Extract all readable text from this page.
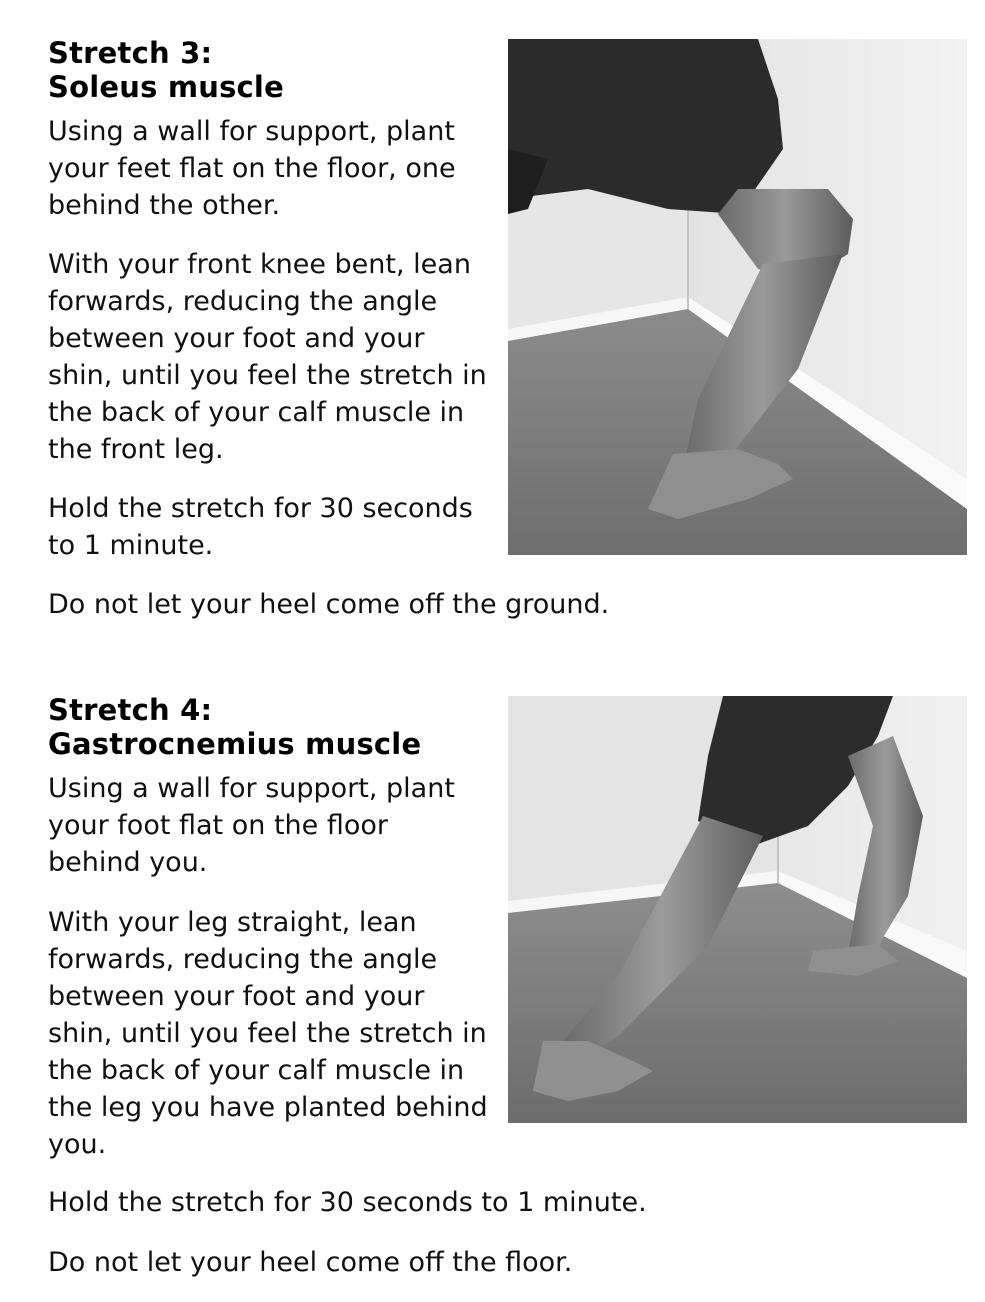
Stretch 3:
Soleus muscle

Using a wall for support, plant
your feet flat on the floor, one
behind the other.

With your front knee bent, lean
forwards, reducing the angle
between your foot and your
shin, until you feel the stretch in
the back of your calf muscle in
the front leg.

Hold the stretch for 30 seconds
to 1 minute.

Do not let your heel come off the ground.

Stretch 4:
Gastrocnemius muscle

Using a wall for support, plant
your foot flat on the floor
behind you.

With your leg straight, lean
forwards, reducing the angle
between your foot and your
shin, until you feel the stretch in
the back of your calf muscle in
the leg you have planted behind
you.

Hold the stretch for 30 seconds to 1 minute.

Do not let your heel come off the floor.
